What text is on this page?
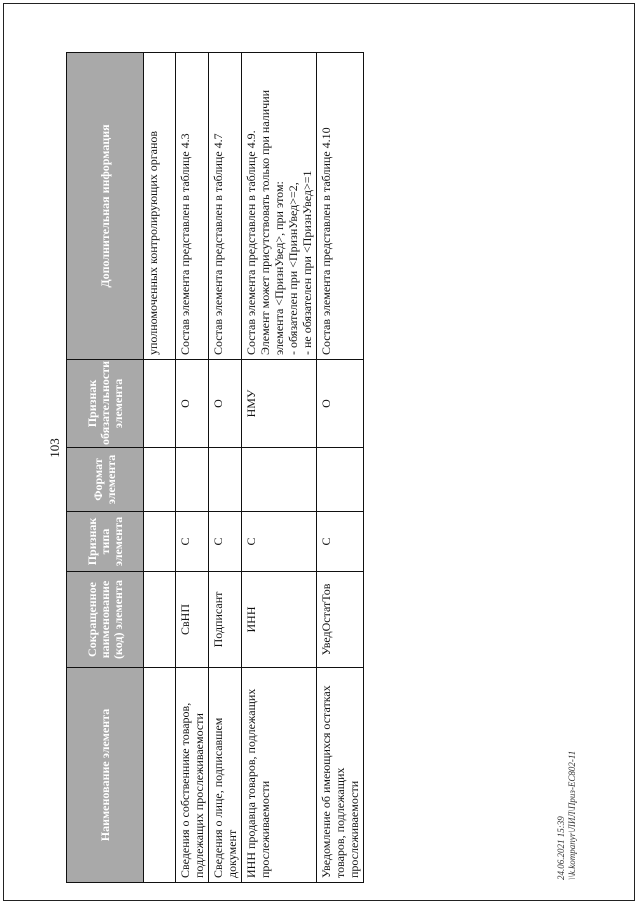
103
Наименование элемента	Сокращенное наименование (код) элемента	Признак типа элемента	Формат элемента	Признак обязательности элемента	Дополнительная информация
					уполномоченных контролирующих органов
Сведения о собственнике товаров, подлежащих прослеживаемости	СвНП	С		О	Состав элемента представлен в таблице 4.3
Сведения о лице, подписавшем документ	Подписант	С		О	Состав элемента представлен в таблице 4.7
ИНН продавца товаров, подлежащих прослеживаемости	ИНН	С		НМУ	Состав элемента представлен в таблице 4.9. Элемент может присутствовать только при наличии элемента <ПризнУвед>, при этом: - обязателен при <ПризнУвед>=2, - не обязателен при <ПризнУвед>=1

Уведомление об имеющихся остатках товаров, подлежащих прослеживаемости	УведОстатТов	С		О	Состав элемента представлен в таблице 4.10
24.06.2021 15:39 \\k.kompanyr\ЛИЛ\Приз-ЕС802-11
